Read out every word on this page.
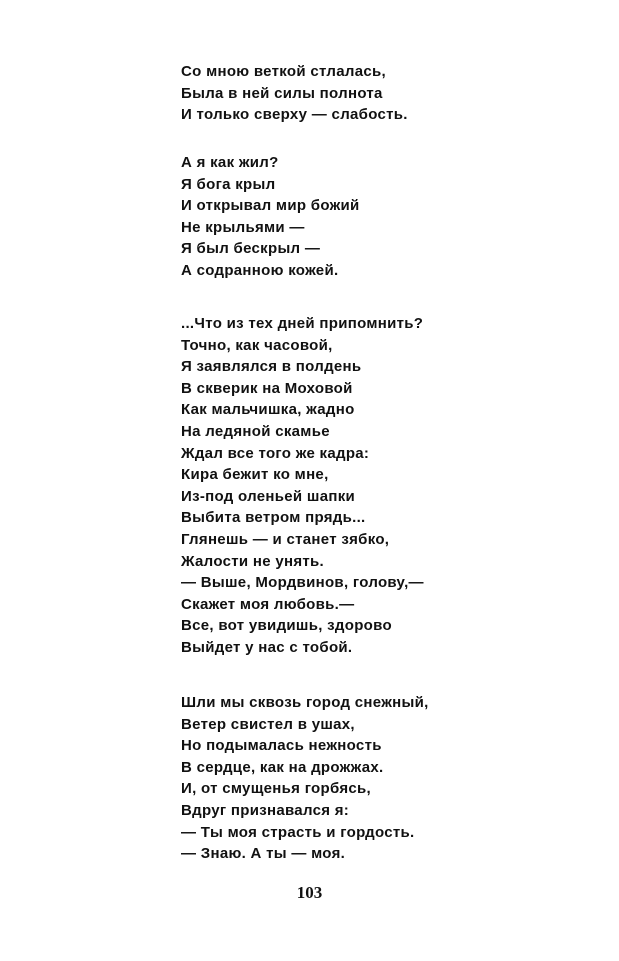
Со мною веткой стлалась,
Была в ней силы полнота
И только сверху — слабость.
А я как жил?
Я бога крыл
И открывал мир божий
Не крыльями —
Я был бескрыл —
А содранною кожей.
...Что из тех дней припомнить?
Точно, как часовой,
Я заявлялся в полдень
В скверик на Моховой
Как мальчишка, жадно
На ледяной скамье
Ждал все того же кадра:
Кира бежит ко мне,
Из-под оленьей шапки
Выбита ветром прядь...
Глянешь — и станет зябко,
Жалости не унять.
— Выше, Мордвинов, голову,—
Скажет моя любовь.—
Все, вот увидишь, здорово
Выйдет у нас с тобой.
Шли мы сквозь город снежный,
Ветер свистел в ушах,
Но подымалась нежность
В сердце, как на дрожжах.
И, от смущенья горбясь,
Вдруг признавался я:
— Ты моя страсть и гордость.
— Знаю. А ты — моя.
103
